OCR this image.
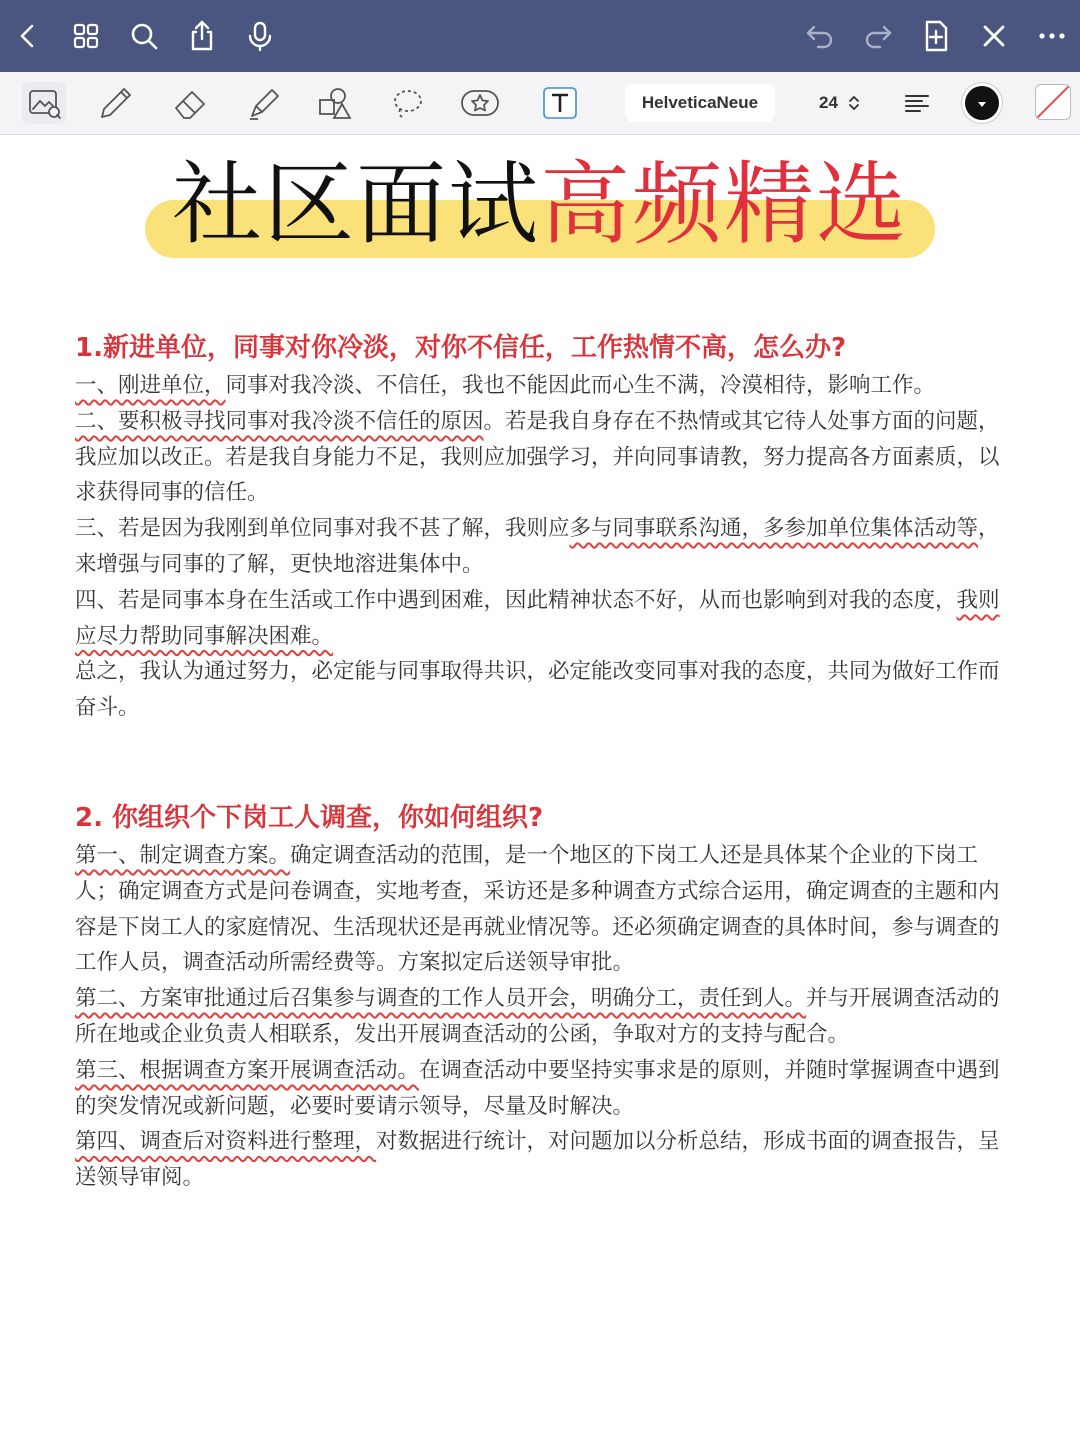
HelveticaNeue	24
社区面试高频精选

1.新进单位，同事对你冷淡，对你不信任，工作热情不高，怎么办?

一、刚进单位，同事对我冷淡、不信任，我也不能因此而心生不满，冷漠相待，影响工作。

二、要积极寻找同事对我冷淡不信任的原因。若是我自身存在不热情或其它待人处事方面的问题，我应加以改正。若是我自身能力不足，我则应加强学习，并向同事请教，努力提高各方面素质，以求获得同事的信任。

三、若是因为我刚到单位同事对我不甚了解，我则应多与同事联系沟通，多参加单位集体活动等，来增强与同事的了解，更快地溶进集体中。

四、若是同事本身在生活或工作中遇到困难，因此精神状态不好，从而也影响到对我的态度，我则应尽力帮助同事解决困难。

总之，我认为通过努力，必定能与同事取得共识，必定能改变同事对我的态度，共同为做好工作而奋斗。

2. 你组织个下岗工人调查，你如何组织?

第一、制定调查方案。确定调查活动的范围，是一个地区的下岗工人还是具体某个企业的下岗工人；确定调查方式是问卷调查，实地考查，采访还是多种调查方式综合运用，确定调查的主题和内容是下岗工人的家庭情况、生活现状还是再就业情况等。还必须确定调查的具体时间，参与调查的工作人员，调查活动所需经费等。方案拟定后送领导审批。

第二、方案审批通过后召集参与调查的工作人员开会，明确分工，责任到人。并与开展调查活动的所在地或企业负责人相联系，发出开展调查活动的公函，争取对方的支持与配合。

第三、根据调查方案开展调查活动。在调查活动中要坚持实事求是的原则，并随时掌握调查中遇到的突发情况或新问题，必要时要请示领导，尽量及时解决。

第四、调查后对资料进行整理，对数据进行统计，对问题加以分析总结，形成书面的调查报告，呈送领导审阅。
